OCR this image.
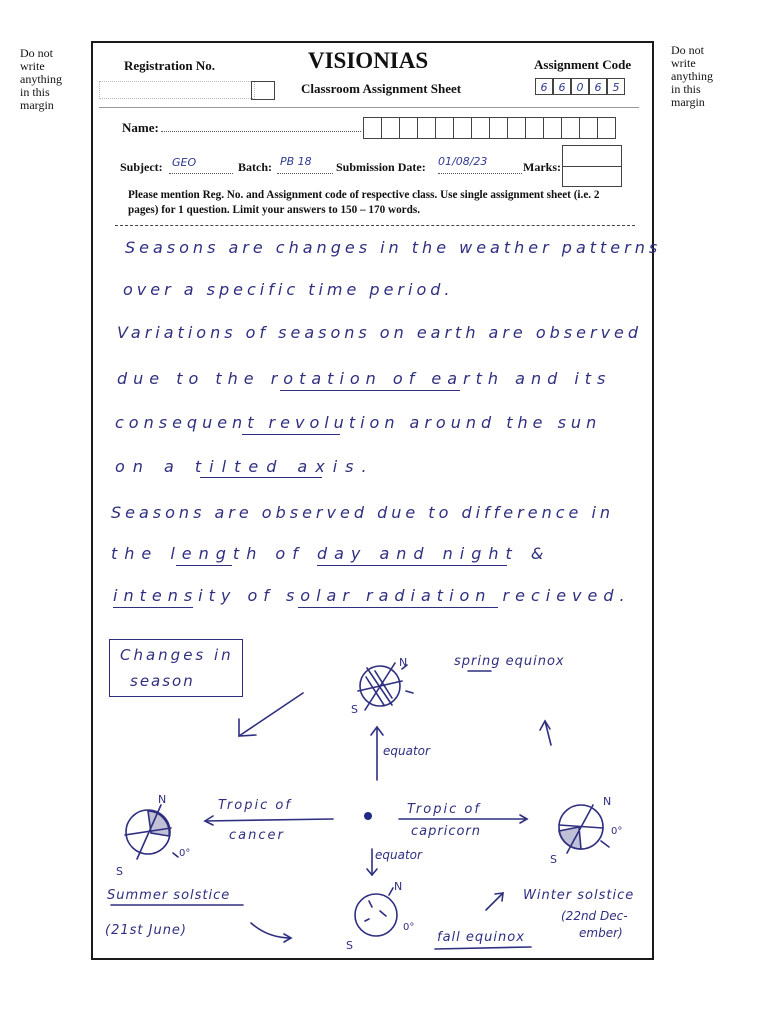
Do not
write
anything
in this
margin
Do not
write
anything
in this
margin
Registration No.	VISIONIAS
Classroom Assignment Sheet
Assignment Code
6	6	0	6	5
Name:
Subject: GEO	Batch: PB 18 Submission Date: 01/08/23	Marks:
Please mention Reg. No. and Assignment code of respective class. Use single assignment sheet (i.e. 2 pages) for 1 question. Limit your answers to 150 – 170 words.
Seasons are changes in the weather patterns
over a specific time period.
Variations of seasons on earth are observed
due to the rotation of earth and its
consequent revolution around the sun
on a tilted axis.
Seasons are observed due to difference in
the length of day and night &
intensity of solar radiation recieved.
Changes in
season
spring equinox
N
S
equator
Tropic of
cancer
Tropic of
capricorn
N
S
0°
N
S
0°
equator
N
S
0°
Summer solstice
(21st June)
Winter solstice
(22nd Dec-
ember)
fall equinox
